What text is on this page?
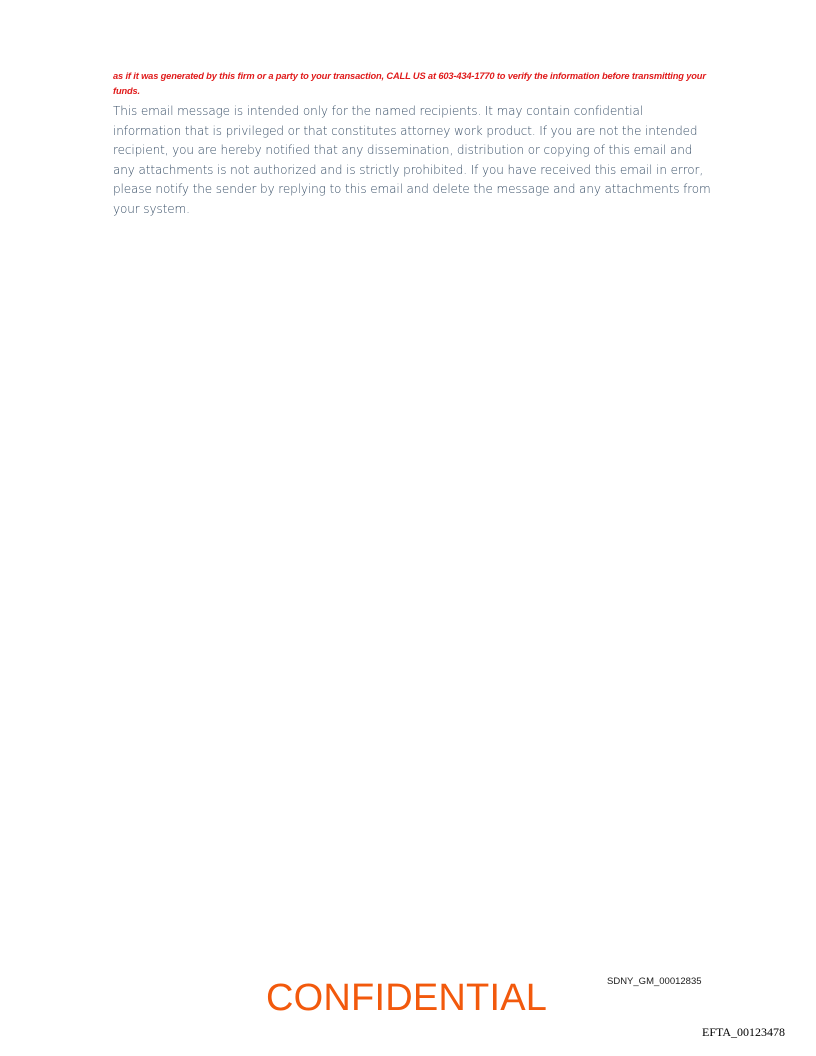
as if it was generated by this firm or a party to your transaction, CALL US at 603-434-1770 to verify the information before transmitting your funds.

This email message is intended only for the named recipients. It may contain confidential information that is privileged or that constitutes attorney work product. If you are not the intended recipient, you are hereby notified that any dissemination, distribution or copying of this email and any attachments is not authorized and is strictly prohibited. If you have received this email in error, please notify the sender by replying to this email and delete the message and any attachments from your system.

CONFIDENTIAL	SDNY_GM_00012835

EFTA_00123478
